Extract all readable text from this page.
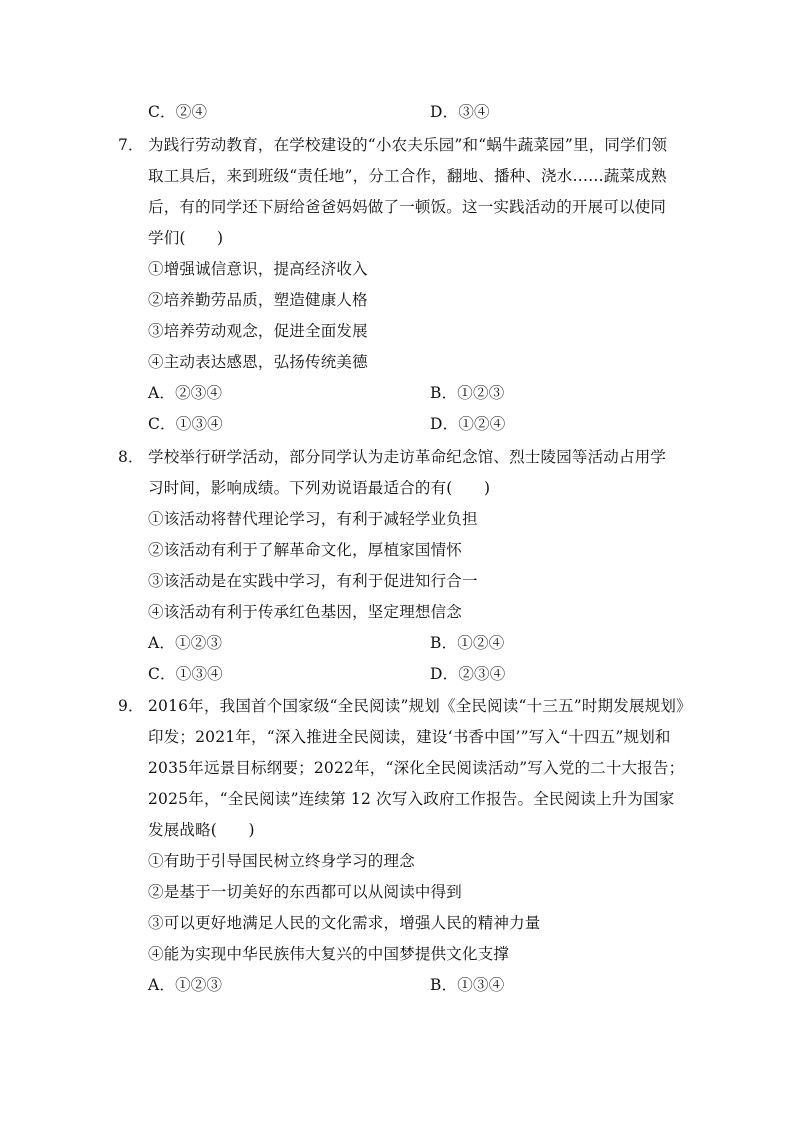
C．②④	D．③④
7． 为践行劳动教育，在学校建设的“小农夫乐园”和“蜗牛蔬菜园”里，同学们领
取工具后，来到班级“责任地”，分工合作，翻地、播种、浇水……蔬菜成熟
后，有的同学还下厨给爸爸妈妈做了一顿饭。这一实践活动的开展可以使同
学们(　　)
①增强诚信意识，提高经济收入
②培养勤劳品质，塑造健康人格
③培养劳动观念，促进全面发展
④主动表达感恩，弘扬传统美德
A．②③④	B．①②③
C．①③④	D．①②④
8． 学校举行研学活动，部分同学认为走访革命纪念馆、烈士陵园等活动占用学
习时间，影响成绩。下列劝说语最适合的有(　　)
①该活动将替代理论学习，有利于减轻学业负担
②该活动有利于了解革命文化，厚植家国情怀
③该活动是在实践中学习，有利于促进知行合一
④该活动有利于传承红色基因，坚定理想信念
A．①②③	B．①②④
C．①③④	D．②③④
9． 2016年，我国首个国家级“全民阅读”规划《全民阅读“十三五”时期发展规划》
印发；2021年，“深入推进全民阅读，建设‘书香中国’”写入“十四五”规划和
2035年远景目标纲要；2022年，“深化全民阅读活动”写入党的二十大报告；
2025年，“全民阅读”连续第 12 次写入政府工作报告。全民阅读上升为国家
发展战略(　　)
①有助于引导国民树立终身学习的理念
②是基于一切美好的东西都可以从阅读中得到
③可以更好地满足人民的文化需求，增强人民的精神力量
④能为实现中华民族伟大复兴的中国梦提供文化支撑
A．①②③	B．①③④
